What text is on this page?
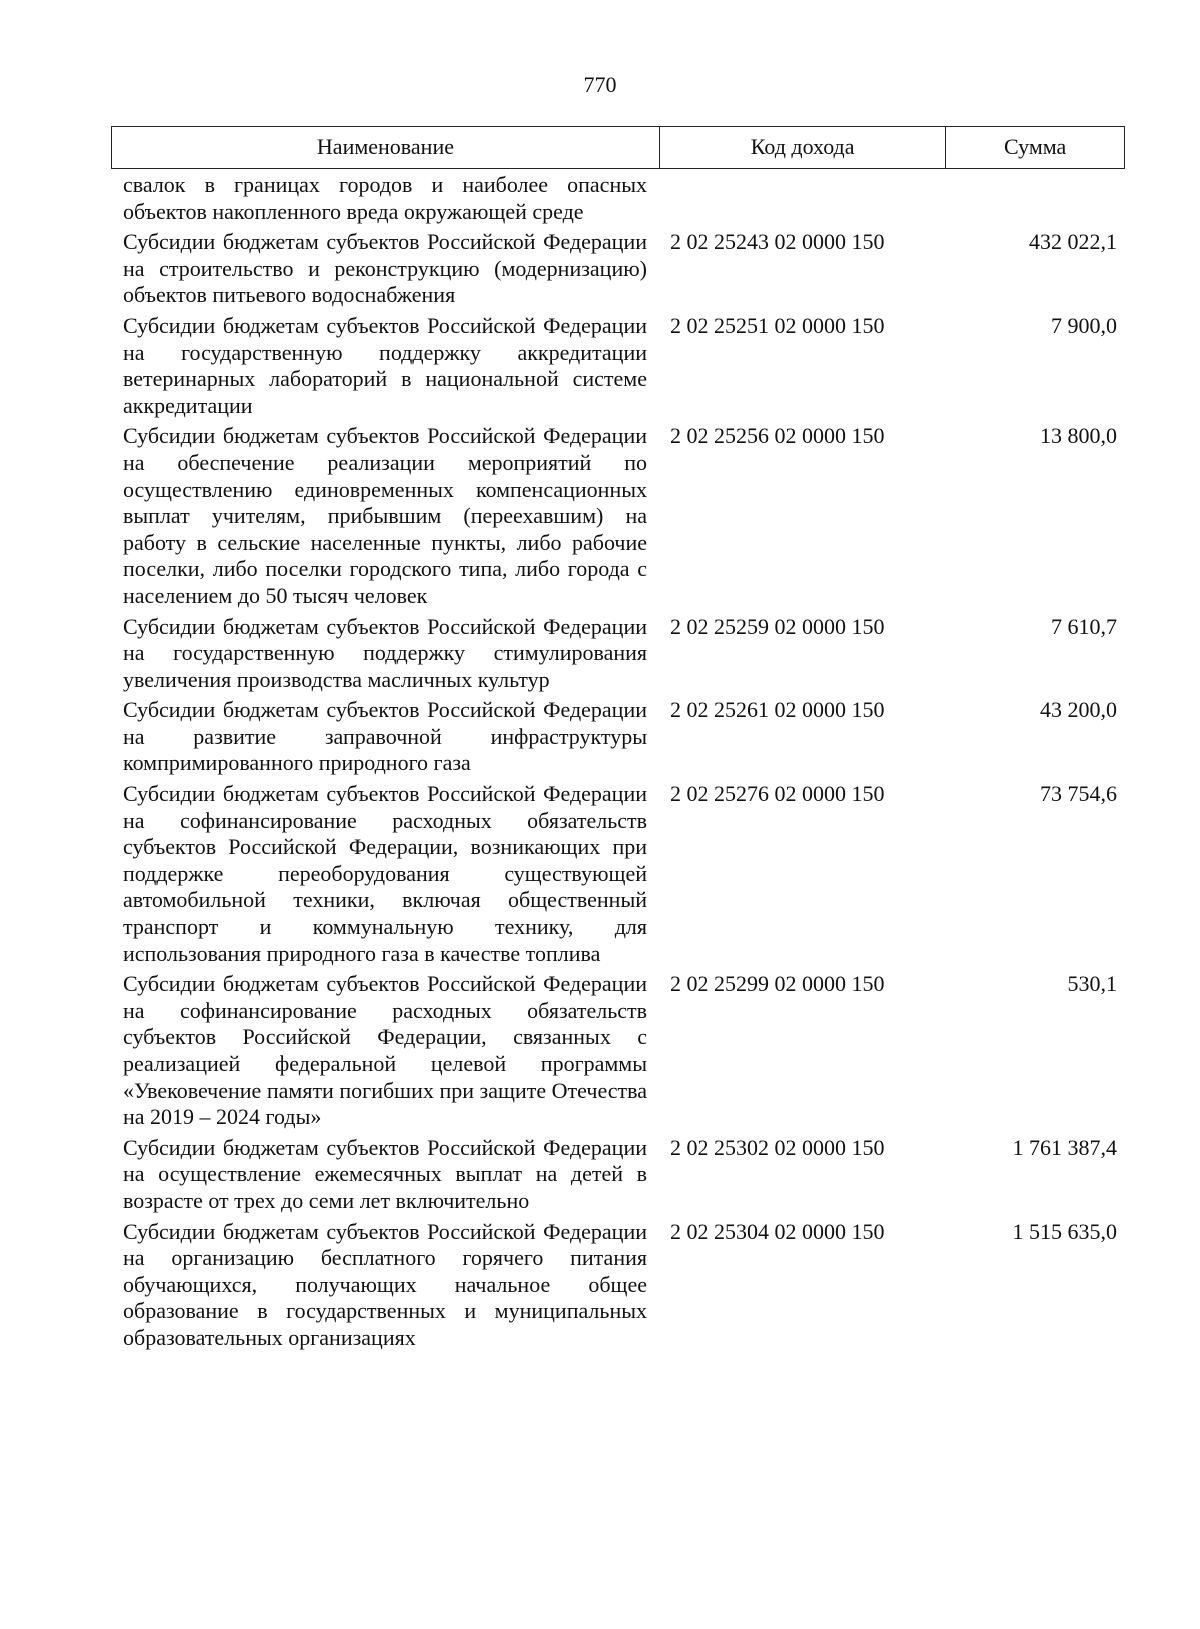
770
Наименование	Код дохода	Сумма
свалок в границах городов и наиболее опасных объектов накопленного вреда окружающей среде
Субсидии бюджетам субъектов Российской Федерации на строительство и реконструкцию (модернизацию) объектов питьевого водоснабжения
2 02 25243 02 0000 150	432 022,1
Субсидии бюджетам субъектов Российской Федерации на государственную поддержку аккредитации ветеринарных лабораторий в национальной системе аккредитации
2 02 25251 02 0000 150	7 900,0
Субсидии бюджетам субъектов Российской Федерации на обеспечение реализации мероприятий по осуществлению единовременных компенсационных выплат учителям, прибывшим (переехавшим) на работу в сельские населенные пункты, либо рабочие поселки, либо поселки городского типа, либо города с населением до 50 тысяч человек
2 02 25256 02 0000 150	13 800,0
Субсидии бюджетам субъектов Российской Федерации на государственную поддержку стимулирования увеличения производства масличных культур
2 02 25259 02 0000 150	7 610,7
Субсидии бюджетам субъектов Российской Федерации на развитие заправочной инфраструктуры компримированного природного газа
2 02 25261 02 0000 150	43 200,0
Субсидии бюджетам субъектов Российской Федерации на софинансирование расходных обязательств субъектов Российской Федерации, возникающих при поддержке переоборудования существующей автомобильной техники, включая общественный транспорт и коммунальную технику, для использования природного газа в качестве топлива
2 02 25276 02 0000 150	73 754,6
Субсидии бюджетам субъектов Российской Федерации на софинансирование расходных обязательств субъектов Российской Федерации, связанных с реализацией федеральной целевой программы «Увековечение памяти погибших при защите Отечества на 2019 – 2024 годы»
2 02 25299 02 0000 150	530,1
Субсидии бюджетам субъектов Российской Федерации на осуществление ежемесячных выплат на детей в возрасте от трех до семи лет включительно
2 02 25302 02 0000 150	1 761 387,4
Субсидии бюджетам субъектов Российской Федерации на организацию бесплатного горячего питания обучающихся, получающих начальное общее образование в государственных и муниципальных образовательных организациях
2 02 25304 02 0000 150	1 515 635,0
